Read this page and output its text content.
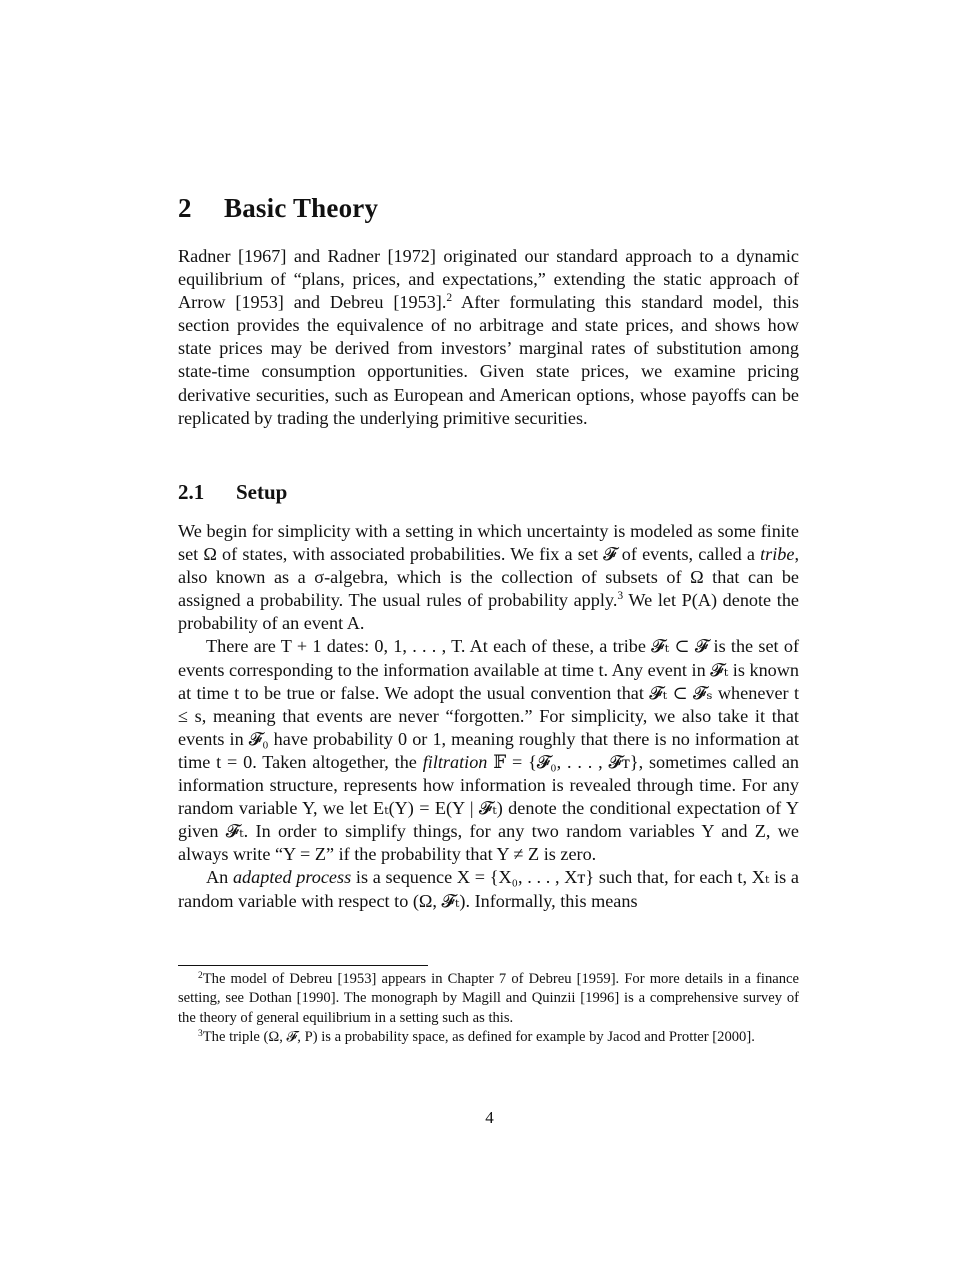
2 Basic Theory

Radner [1967] and Radner [1972] originated our standard approach to a dynamic equilibrium of “plans, prices, and expectations,” extending the static approach of Arrow [1953] and Debreu [1953].$^2$ After formulating this standard model, this section provides the equivalence of no arbitrage and state prices, and shows how state prices may be derived from investors’ marginal rates of substitution among state-time consumption opportunities. Given state prices, we examine pricing derivative securities, such as European and American options, whose payoffs can be replicated by trading the underlying primitive securities.

2.1 Setup

We begin for simplicity with a setting in which uncertainty is modeled as some finite set Ω of states, with associated probabilities. We fix a set 𝓕 of events, called a tribe, also known as a σ-algebra, which is the collection of subsets of Ω that can be assigned a probability. The usual rules of probability apply.$^3$ We let P(A) denote the probability of an event A.

There are T + 1 dates: 0, 1, . . . , T. At each of these, a tribe 𝓕ₜ ⊂ 𝓕 is the set of events corresponding to the information available at time t. Any event in 𝓕ₜ is known at time t to be true or false. We adopt the usual convention that 𝓕ₜ ⊂ 𝓕ₛ whenever t ≤ s, meaning that events are never “forgotten.” For simplicity, we also take it that events in 𝓕₀ have probability 0 or 1, meaning roughly that there is no information at time t = 0. Taken altogether, the filtration 𝔽 = {𝓕₀, . . . , 𝓕ᴛ}, sometimes called an information structure, represents how information is revealed through time. For any random variable Y, we let Eₜ(Y) = E(Y | 𝓕ₜ) denote the conditional expectation of Y given 𝓕ₜ. In order to simplify things, for any two random variables Y and Z, we always write “Y = Z” if the probability that Y ≠ Z is zero.

An adapted process is a sequence X = {X₀, . . . , Xᴛ} such that, for each t, Xₜ is a random variable with respect to (Ω, 𝓕ₜ). Informally, this means

$^2$The model of Debreu [1953] appears in Chapter 7 of Debreu [1959]. For more details in a finance setting, see Dothan [1990]. The monograph by Magill and Quinzii [1996] is a comprehensive survey of the theory of general equilibrium in a setting such as this.

$^3$The triple (Ω, 𝓕, P) is a probability space, as defined for example by Jacod and Protter [2000].

4
